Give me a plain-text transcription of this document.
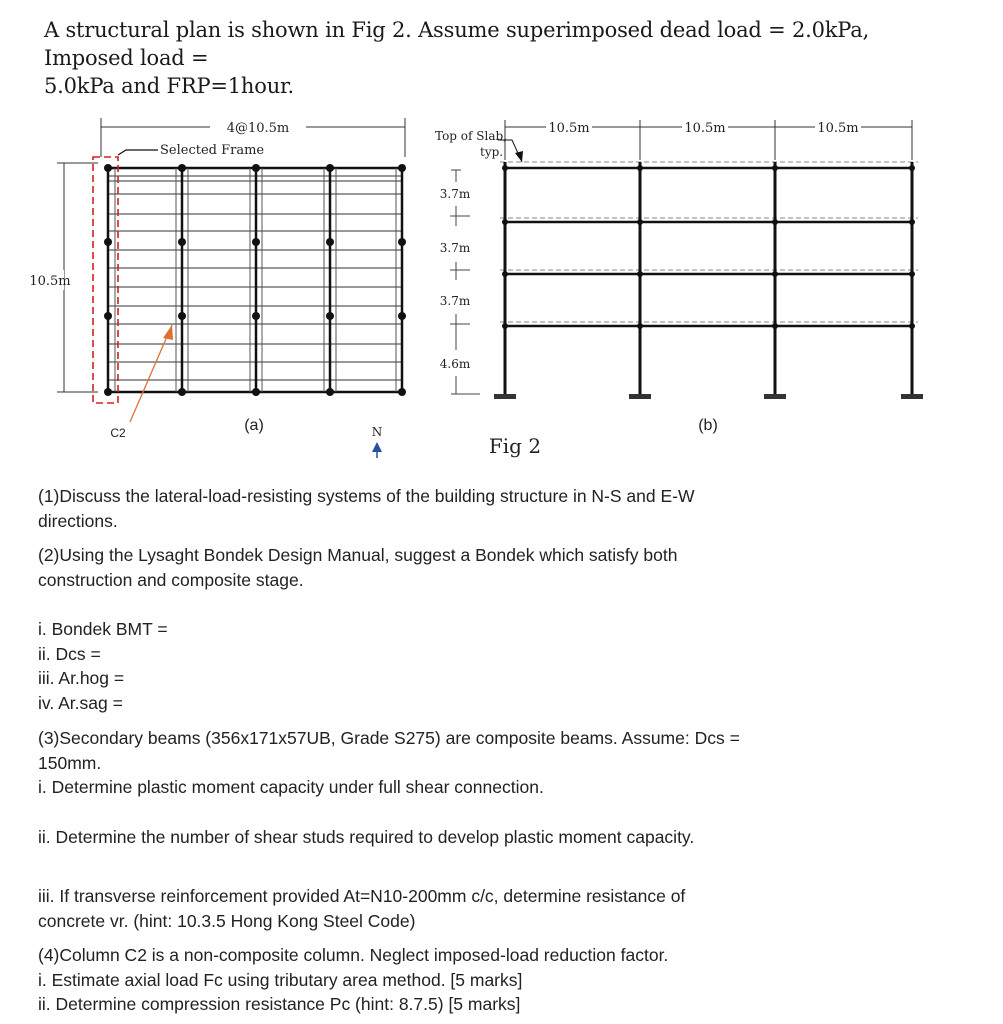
A structural plan is shown in Fig 2. Assume superimposed dead load = 2.0kPa, Imposed load =
5.0kPa and FRP=1hour.
4@10.5m
10.5m
Selected Frame
C2	(a)	N
10.5m	10.5m	10.5m
Top of Slab,
typ.
3.7m
3.7m
3.7m
4.6m
(b)
Fig 2
(1)Discuss the lateral-load-resisting systems of the building structure in N-S and E-W
directions.
(2)Using the Lysaght Bondek Design Manual, suggest a Bondek which satisfy both
construction and composite stage.
i. Bondek BMT =
ii. Dcs =
iii. Ar.hog =
iv. Ar.sag =
(3)Secondary beams (356x171x57UB, Grade S275) are composite beams. Assume: Dcs =
150mm.
i. Determine plastic moment capacity under full shear connection.
ii. Determine the number of shear studs required to develop plastic moment capacity.
iii. If transverse reinforcement provided At=N10-200mm c/c, determine resistance of
concrete vr. (hint: 10.3.5 Hong Kong Steel Code)
(4)Column C2 is a non-composite column. Neglect imposed-load reduction factor.
i. Estimate axial load Fc using tributary area method. [5 marks]
ii. Determine compression resistance Pc (hint: 8.7.5) [5 marks]
